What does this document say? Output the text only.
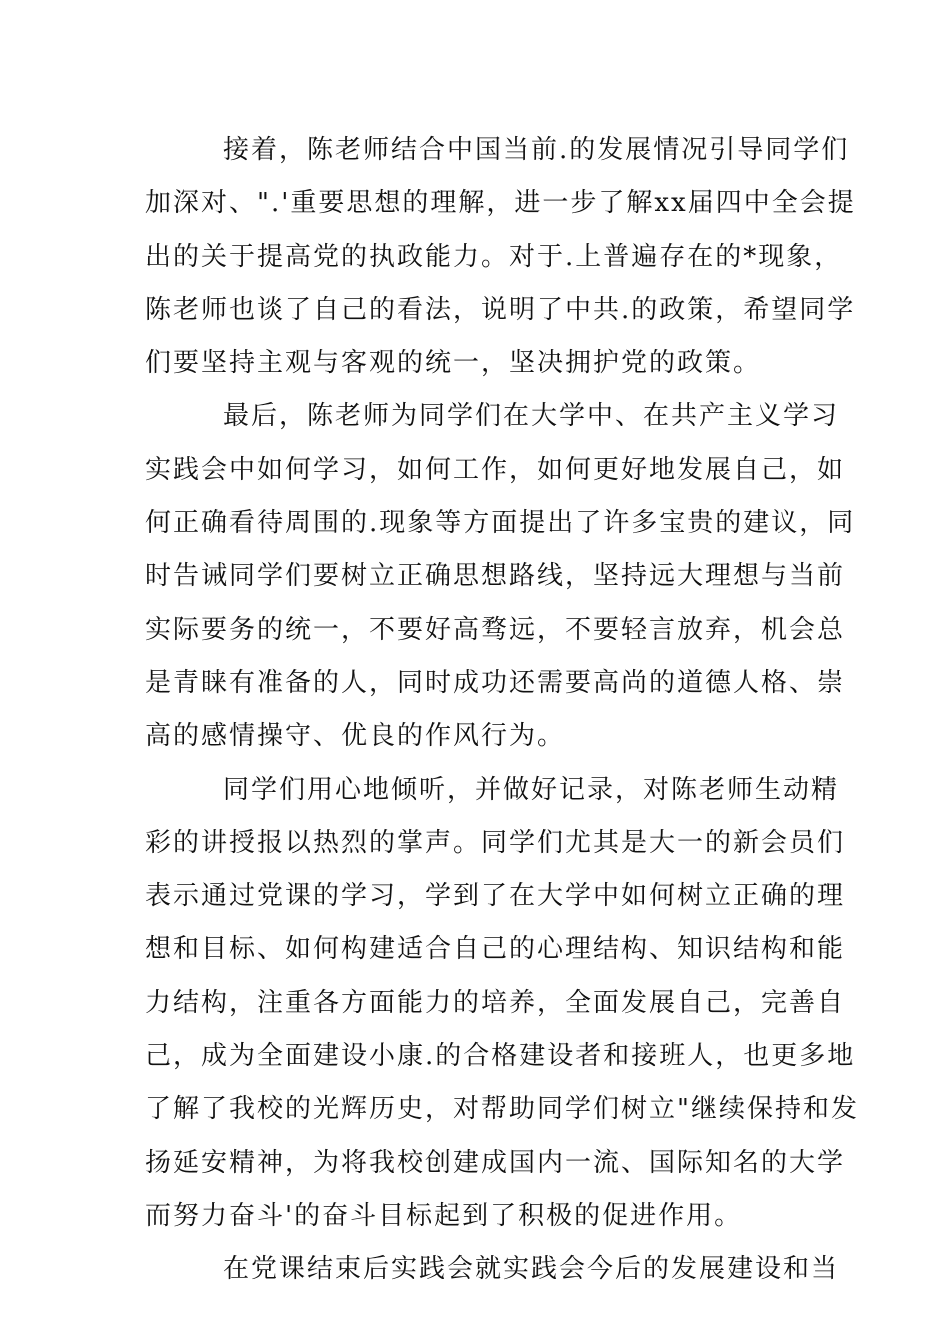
接着，陈老师结合中国当前.的发展情况引导同学们
加深对、".'重要思想的理解，进一步了解xx届四中全会提
出的关于提高党的执政能力。对于.上普遍存在的*现象，
陈老师也谈了自己的看法，说明了中共.的政策，希望同学
们要坚持主观与客观的统一，坚决拥护党的政策。
最后，陈老师为同学们在大学中、在共产主义学习
实践会中如何学习，如何工作，如何更好地发展自己，如
何正确看待周围的.现象等方面提出了许多宝贵的建议，同
时告诫同学们要树立正确思想路线，坚持远大理想与当前
实际要务的统一，不要好高骛远，不要轻言放弃，机会总
是青睐有准备的人，同时成功还需要高尚的道德人格、崇
高的感情操守、优良的作风行为。
同学们用心地倾听，并做好记录，对陈老师生动精
彩的讲授报以热烈的掌声。同学们尤其是大一的新会员们
表示通过党课的学习，学到了在大学中如何树立正确的理
想和目标、如何构建适合自己的心理结构、知识结构和能
力结构，注重各方面能力的培养，全面发展自己，完善自
己，成为全面建设小康.的合格建设者和接班人，也更多地
了解了我校的光辉历史，对帮助同学们树立"继续保持和发
扬延安精神，为将我校创建成国内一流、国际知名的大学
而努力奋斗'的奋斗目标起到了积极的促进作用。
在党课结束后实践会就实践会今后的发展建设和当
